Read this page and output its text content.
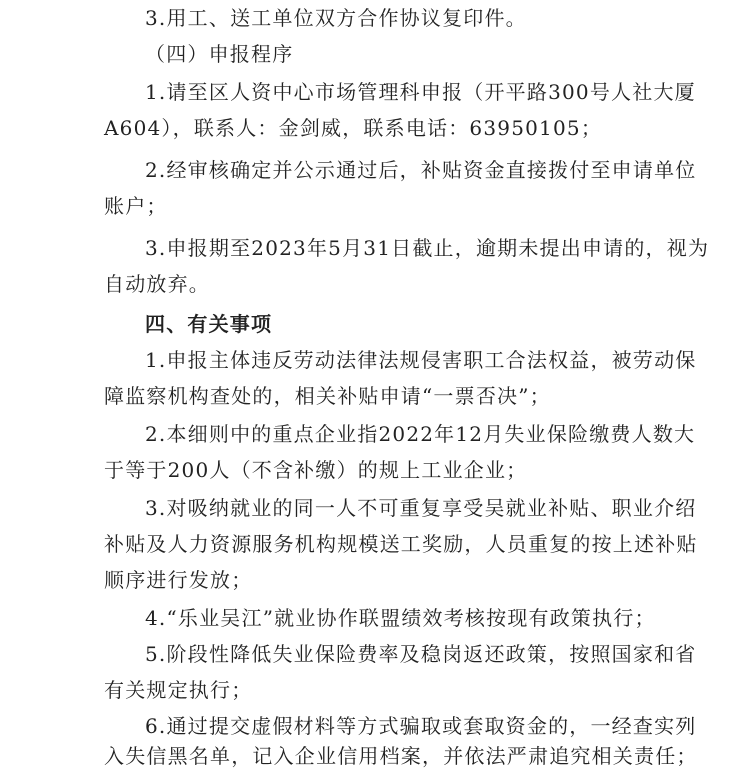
3.用工、送工单位双方合作协议复印件。
（四）申报程序
1.请至区人资中心市场管理科申报（开平路300号人社大厦
A604），联系人：金剑威，联系电话：63950105；
2.经审核确定并公示通过后，补贴资金直接拨付至申请单位
账户；
3.申报期至2023年5月31日截止，逾期未提出申请的，视为
自动放弃。
四、有关事项
1.申报主体违反劳动法律法规侵害职工合法权益，被劳动保
障监察机构查处的，相关补贴申请“一票否决”；
2.本细则中的重点企业指2022年12月失业保险缴费人数大
于等于200人（不含补缴）的规上工业企业；
3.对吸纳就业的同一人不可重复享受吴就业补贴、职业介绍
补贴及人力资源服务机构规模送工奖励，人员重复的按上述补贴
顺序进行发放；
4.“乐业吴江”就业协作联盟绩效考核按现有政策执行；
5.阶段性降低失业保险费率及稳岗返还政策，按照国家和省
有关规定执行；
6.通过提交虚假材料等方式骗取或套取资金的，一经查实列
入失信黑名单，记入企业信用档案，并依法严肃追究相关责任；
